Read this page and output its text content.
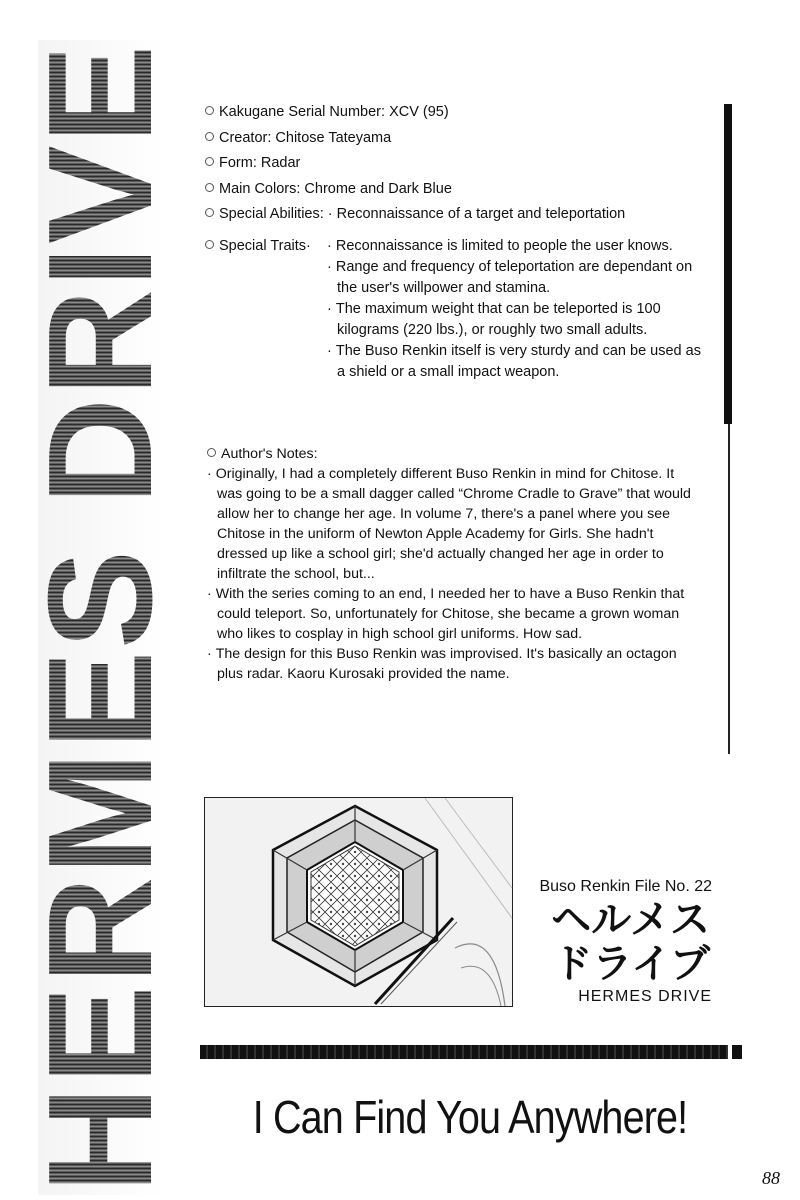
HERMES DRIVE	Kakugane Serial Number: XCV (95)
Creator: Chitose Tateyama
Form: Radar
Main Colors: Chrome and Dark Blue
Special Abilities: · Reconnaissance of a target and teleportation
Special Traits·
·	Reconnaissance is limited to people the user knows.
· Range and frequency of teleportation are dependant on the user's willpower and stamina.
· The maximum weight that can be teleported is 100 kilograms (220 lbs.), or roughly two small adults.
· The Buso Renkin itself is very sturdy and can be used as a shield or a small impact weapon.
Author's Notes:
· Originally, I had a completely different Buso Renkin in mind for Chitose. It was going to be a small dagger called “Chrome Cradle to Grave” that would allow her to change her age. In volume 7, there's a panel where you see Chitose in the uniform of Newton Apple Academy for Girls. She hadn't dressed up like a school girl; she'd actually changed her age in order to infiltrate the school, but...
· With the series coming to an end, I needed her to have a Buso Renkin that could teleport. So, unfortunately for Chitose, she became a grown woman who likes to cosplay in high school girl uniforms. How sad.
· The design for this Buso Renkin was improvised. It's basically an octagon plus radar. Kaoru Kurosaki provided the name.
Buso Renkin File No. 22
ヘルメス
ドライブ
HERMES DRIVE
I Can Find You Anywhere!
88
